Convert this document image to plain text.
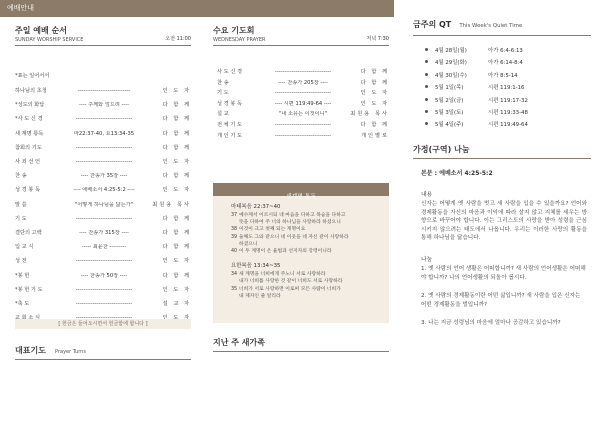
예배안내
주일 예배 순서
SUNDAY WORSHIP SERVICE	오전 11:00
*표는 일어서서
하나님의 초청	----------------------------	인 도 자
*성도의 화답	---- 주께와 엎드려 ----	다 함 께
*사 도 신 경	------------------------------	다 함 께
새 계명 통독	마22:37-40, 요13:34-35	다 함 께
참회의 기도	------------------------------	다 함 께
사 죄 선 언	------------------------------	인 도 자
찬 송	---- 찬송가 35장 ----	다 함 께
성 경 봉 독	---- 에베소서 4:25-5:2 ----	인 도 자
말 씀	"어떻게 하나님을 닮는가"	최원용 목사
기 도	------------------------------	다 함 께
결단의 고백	---- 찬송가 315장 ----	다 함 께
입 교 식	----- 최윤찬 ---------	다 함 께
성 전	------------------------------	인 도 자
*봉 헌	---- 찬송가 50장 ----	다 함 께
*봉 헌 기 도	------------------------------	인 도 자
*축 도	------------------------------	설 교 자
[ 헌금은 들어오시면서 헌금함에 합니다 ]
대표기도 Prayer Turns
수요 기도회
WEDNESDAY PRAYER	저녁 7:30
사 도 신 경	------------------------------	다 함 께
찬 송	---- 찬송가 205장 ----	다 함 께
기 도	------------------------------	인 도 자
성 경 봉 독	---- 시편 119:49-64 ----	인 도 자
설 교	"내 소유는 이것이니"	최원용 목사
전 체 기 도	------------------------------	다 함 께
개 인 기 도	------------------------------	개인별로
새계명 통독
마태복음 22:37~40
37 예수께서 이르시되 네 마음을 다하고 목숨을 다하고
뜻을 다하여 주 너의 하나님을 사랑하라 하셨으니
38 이것이 크고 첫째 되는 계명이요
39 둘째도 그와 같으니 네 이웃을 네 자신 같이 사랑하라
하셨으니
40 이 두 계명이 온 율법과 선지자의 강령이니라
요한복음 13:34~35
34 새 계명을 너희에게 주노니 서로 사랑하라
내가 너희를 사랑한 것 같이 너희도 서로 사랑하라
35 너희가 서로 사랑하면 이로써 모든 사람이 너희가
내 제자인 줄 알리라
지난 주 새가족
금주의 QT This Week's Quiet Time
4월 28일(월)	아가 6:4-6:13
4월 29일(화)	아가 6:14-8:4
4월 30일(수)	아가 8:5-14
5월 1일(목)	시편 119:1-16
5월 2일(금)	시편 119:17-32
5월 3일(토)	시편 119:33-48
5월 4일(주)	시편 119:49-64
가정(구역) 나눔
본문 : 에베소서 4:25-5:2
내용
신자는 어떻게 옛 사람을 벗고 새 사람을 입을 수 있을까요? 언어와 경제활동을 자신의 마음과 이익에 따라 살지 않고 지체를 세우는 방향으로 바꾸어야 합니다. 이는 그리스도의 사랑을 받아 성령을 근심시키지 않으려는 태도에서 나옵니다. 우리는 이러한 사랑의 활동을 통해 하나님을 닮습니다.
나눔
1. 옛 사람의 언어 생활은 어떠합니까? 새 사람의 언어생활은 어떠해야 합니까? 나의 언어생활의 되돌아 봅시다.
2. 옛 사람의 경제활동이란 어떤 삶입니까? 새 사람을 입은 신자는 어떤 경제활동을 벌입니까?
3. 나는 지금 성령님의 마음에 얼마나 공감하고 있습니까?
